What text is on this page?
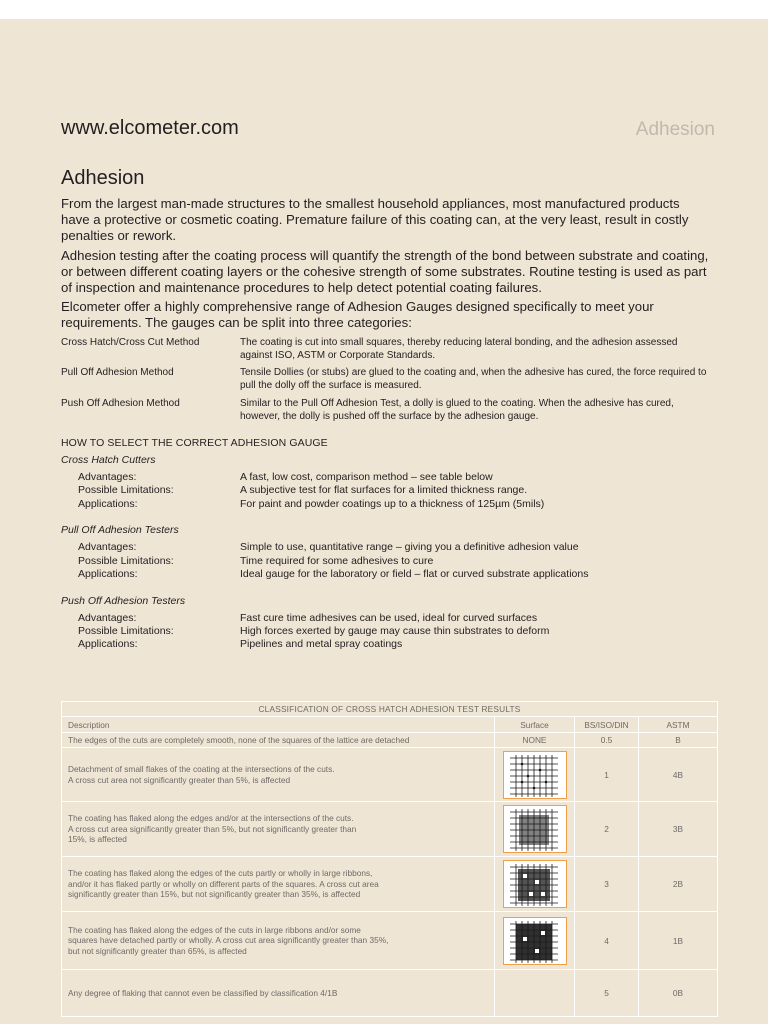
www.elcometer.com	Adhesion
Adhesion
From the largest man-made structures to the smallest household appliances, most manufactured products have a protective or cosmetic coating. Premature failure of this coating can, at the very least, result in costly penalties or rework.
Adhesion testing after the coating process will quantify the strength of the bond between substrate and coating, or between different coating layers or the cohesive strength of some substrates. Routine testing is used as part of inspection and maintenance procedures to help detect potential coating failures.
Elcometer offer a highly comprehensive range of Adhesion Gauges designed specifically to meet your requirements. The gauges can be split into three categories:
Cross Hatch/Cross Cut Method	The coating is cut into small squares, thereby reducing lateral bonding, and the adhesion assessed against ISO, ASTM or Corporate Standards.
Pull Off Adhesion Method	Tensile Dollies (or stubs) are glued to the coating and, when the adhesive has cured, the force required to pull the dolly off the surface is measured.
Push Off Adhesion Method	Similar to the Pull Off Adhesion Test, a dolly is glued to the coating. When the adhesive has cured, however, the dolly is pushed off the surface by the adhesion gauge.
HOW TO SELECT THE CORRECT ADHESION GAUGE
Cross Hatch Cutters
Advantages:	A fast, low cost, comparison method – see table below
Possible Limitations:	A subjective test for flat surfaces for a limited thickness range.
Applications:	For paint and powder coatings up to a thickness of 125µm (5mils)
Pull Off Adhesion Testers
Advantages:	Simple to use, quantitative range – giving you a definitive adhesion value
Possible Limitations:	Time required for some adhesives to cure
Applications:	Ideal gauge for the laboratory or field – flat or curved substrate applications
Push Off Adhesion Testers
Advantages:	Fast cure time adhesives can be used, ideal for curved surfaces
Possible Limitations:	High forces exerted by gauge may cause thin substrates to deform
Applications:	Pipelines and metal spray coatings
CLASSIFICATION OF CROSS HATCH ADHESION TEST RESULTS			
Description	Surface	BS/ISO/DIN	ASTM
The edges of the cuts are completely smooth, none of the squares of the lattice are detached	NONE	0.5	B
Detachment of small flakes of the coating at the intersections of the cuts.
A cross cut area not significantly greater than 5%, is affected		1	4B
The coating has flaked along the edges and/or at the intersections of the cuts.
A cross cut area significantly greater than 5%, but not significantly greater than
15%, is affected		2	3B
The coating has flaked along the edges of the cuts partly or wholly in large ribbons,
and/or it has flaked partly or wholly on different parts of the squares. A cross cut area
significantly greater than 15%, but not significantly greater than 35%, is affected		3	2B
The coating has flaked along the edges of the cuts in large ribbons and/or some
squares have detached partly or wholly. A cross cut area significantly greater than 35%,
but not significantly greater than 65%, is affected		4	1B
Any degree of flaking that cannot even be classified by classification 4/1B		5	0B
